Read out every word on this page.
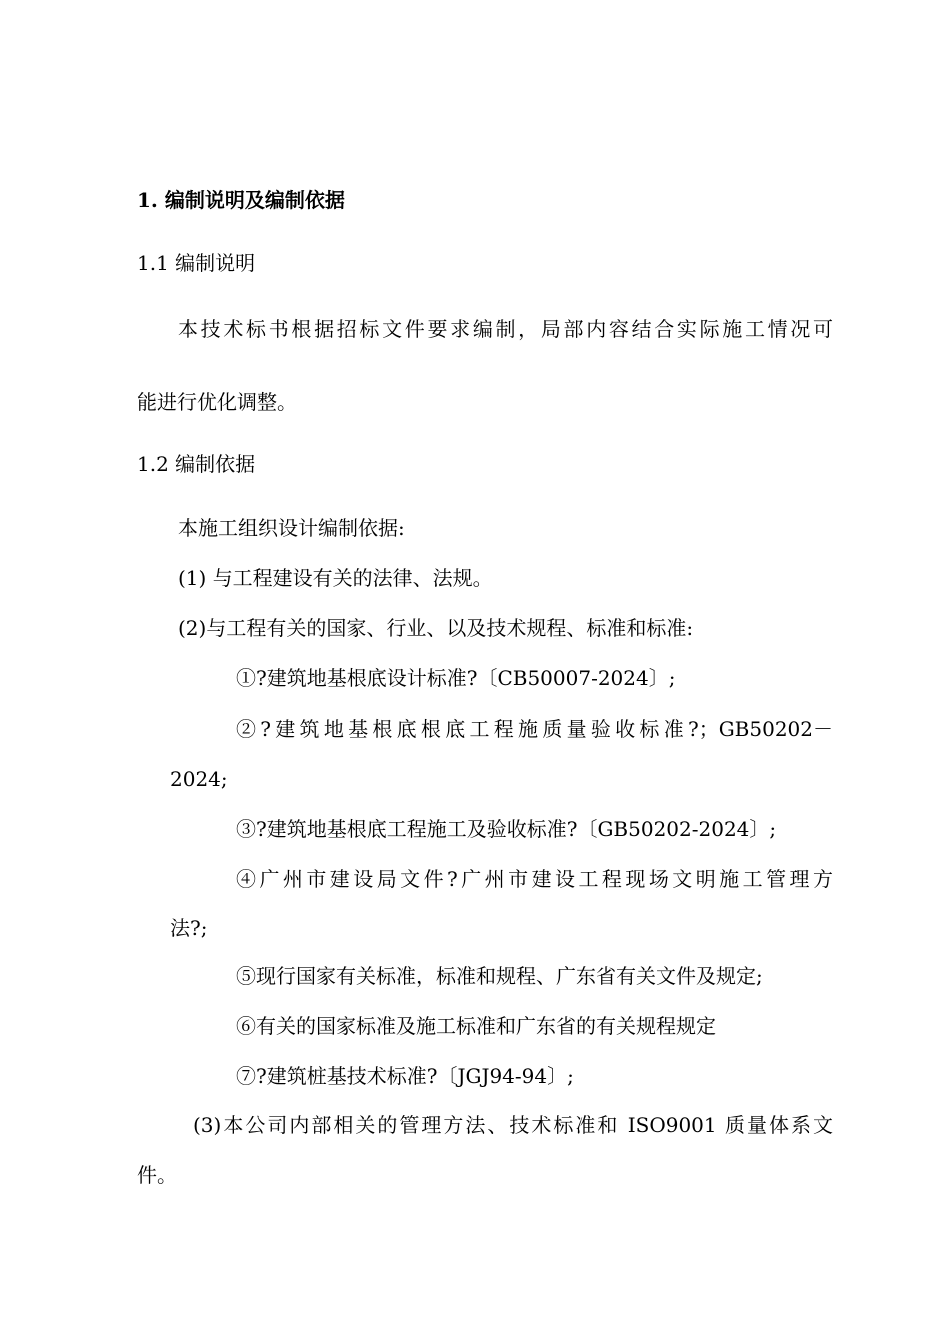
1. 编制说明及编制依据
1.1 编制说明
本技术标书根据招标文件要求编制，局部内容结合实际施工情况可
能进行优化调整。
1.2 编制依据
本施工组织设计编制依据:
(1) 与工程建设有关的法律、法规。
(2)与工程有关的国家、行业、以及技术规程、标准和标准:
①?建筑地基根底设计标准?〔CB50007-2024〕;
②?建筑地基根底根底工程施质量验收标准?；GB50202－
2024;
③?建筑地基根底工程施工及验收标准?〔GB50202-2024〕;
④广州市建设局文件?广州市建设工程现场文明施工管理方
法?;
⑤现行国家有关标准，标准和规程、广东省有关文件及规定;
⑥有关的国家标准及施工标准和广东省的有关规程规定
⑦?建筑桩基技术标准?〔JGJ94-94〕;
(3)本公司内部相关的管理方法、技术标准和 ISO9001 质量体系文
件。
